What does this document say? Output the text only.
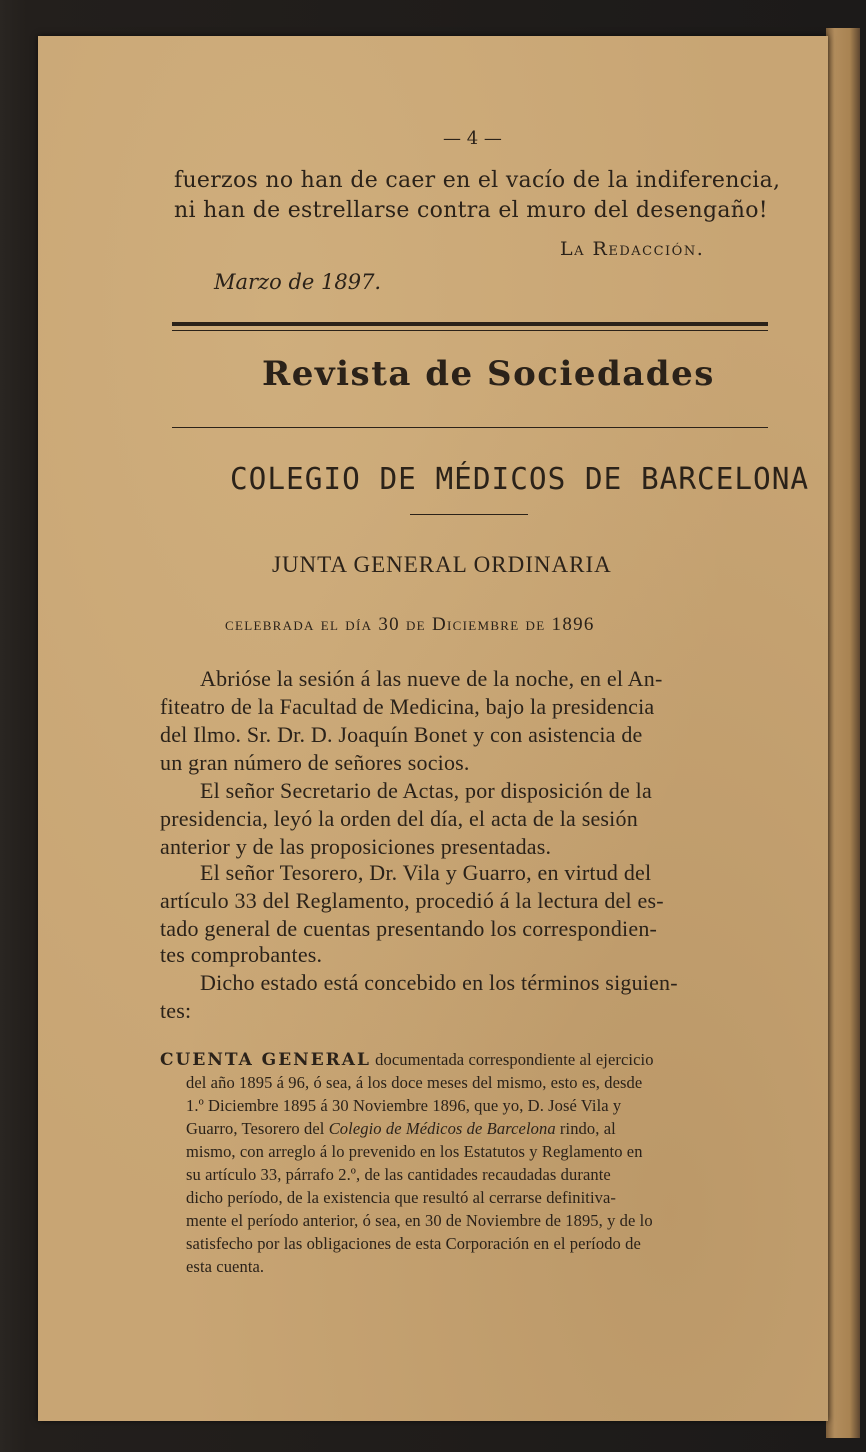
— 4 —
fuerzos no han de caer en el vacío de la indiferencia,
ni han de estrellarse contra el muro del desengaño!
La Redacción.
Marzo de 1897.
Revista de Sociedades
COLEGIO DE MÉDICOS DE BARCELONA
JUNTA GENERAL ORDINARIA
celebrada el día 30 de Diciembre de 1896
Abrióse la sesión á las nueve de la noche, en el An-
fiteatro de la Facultad de Medicina, bajo la presidencia
del Ilmo. Sr. Dr. D. Joaquín Bonet y con asistencia de
un gran número de señores socios.
El señor Secretario de Actas, por disposición de la
presidencia, leyó la orden del día, el acta de la sesión
anterior y de las proposiciones presentadas.
El señor Tesorero, Dr. Vila y Guarro, en virtud del
artículo 33 del Reglamento, procedió á la lectura del es-
tado general de cuentas presentando los correspondien-
tes comprobantes.
Dicho estado está concebido en los términos siguien-
tes:
CUENTA GENERAL documentada correspondiente al ejercicio
del año 1895 á 96, ó sea, á los doce meses del mismo, esto es, desde
1.º Diciembre 1895 á 30 Noviembre 1896, que yo, D. José Vila y
Guarro, Tesorero del Colegio de Médicos de Barcelona rindo, al
mismo, con arreglo á lo prevenido en los Estatutos y Reglamento en
su artículo 33, párrafo 2.º, de las cantidades recaudadas durante
dicho período, de la existencia que resultó al cerrarse definitiva-
mente el período anterior, ó sea, en 30 de Noviembre de 1895, y de lo
satisfecho por las obligaciones de esta Corporación en el período de
esta cuenta.
